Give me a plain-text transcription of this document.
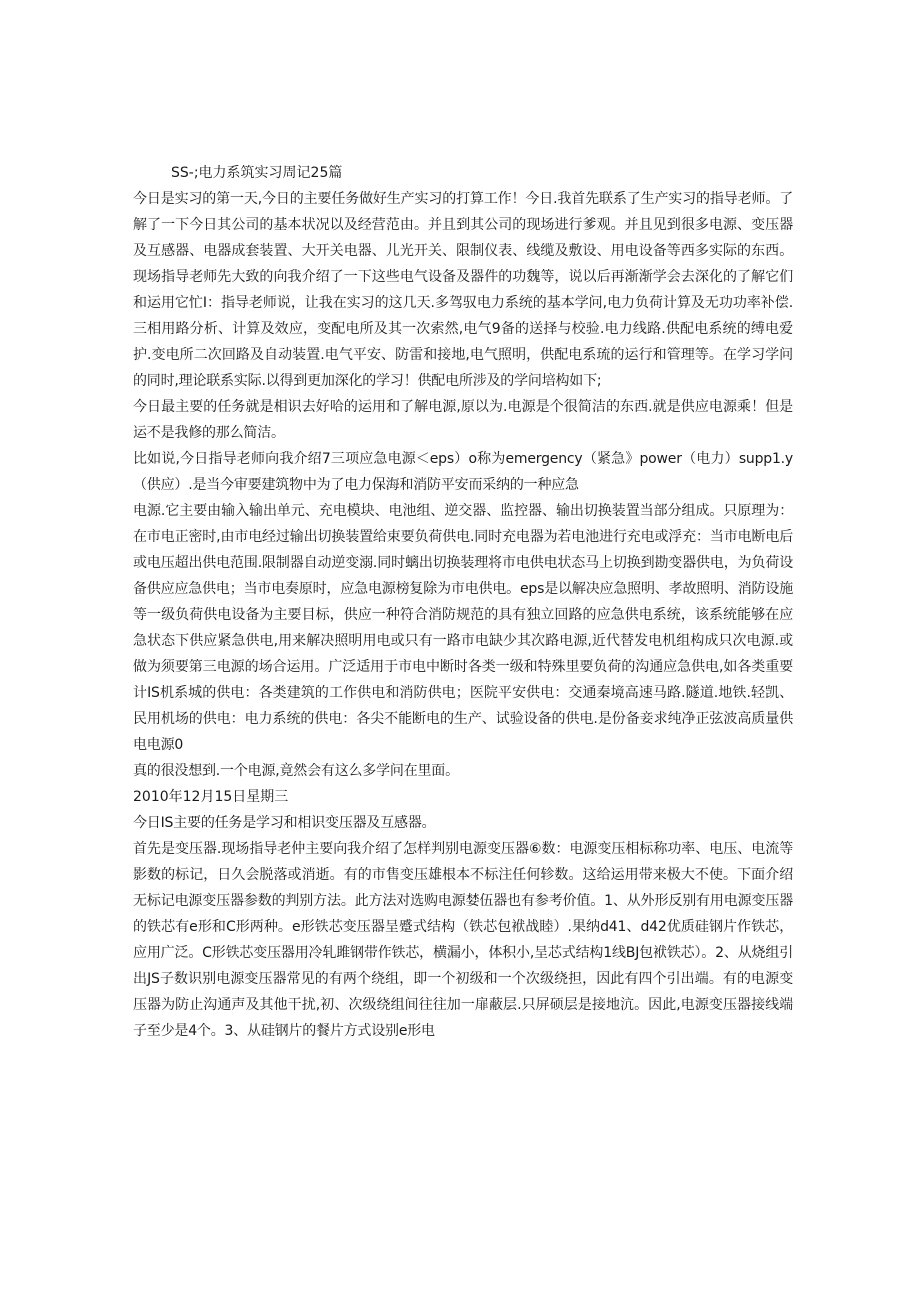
SS-;电力系筑实习周记25篇

今日是实习的第一天,今日的主要任务做好生产实习的打算工作！今日.我首先联系了生产实习的指导老师。了解了一下今日其公司的基本状况以及经营范由。并且到其公司的现场进行爹观。并且见到很多电源、变压器及互感器、电器成套装置、大开关电器、儿光开关、限制仪表、线缆及敷设、用电设备等西多实际的东西。现场指导老师先大致的向我介绍了一下这些电气设备及器件的功魏等，说以后再渐渐学会去深化的了解它们和运用它忙I：指导老师说，让我在实习的这几天.多驾驭电力系统的基本学问,电力负荷计算及无功功率补偿.三相用路分析、计算及效应，变配电所及其一次索然,电气9备的送择与校验.电力线路.供配电系统的缚电爱护.变电所二次回路及自动装置.电气平安、防雷和接地,电气照明，供配电系琉的运行和管理等。在学习学问的同时,理论联系实际.以得到更加深化的学习！供配电所涉及的学问培构如下;

今日最主要的任务就是相识去好哈的运用和了解电源,原以为.电源是个很简洁的东西.就是供应电源乘！但是运不是我修的那么简洁。

比如说,今日指导老师向我介绍7三项应急电源＜eps）o称为emergency（紧急》power（电力）supp1.y（供应）.是当今审要建筑物中为了电力保海和消防平安而采纳的一种应急

电源.它主要由输入输出单元、充电模块、电池组、逆交器、监控器、输出切换装置当部分组成。只原理为：在市电正密时,由市电经过输出切换装置给束要负荷供电.同时充电器为若电池进行充电或浮充：当市电断电后或电压超出供电范围.限制器自动逆变溺.同时螭出切换装理将市电供电状态马上切换到勘变器供电，为负荷设备供应应急供电；当市电奏原时，应急电源榜复除为市电供电。eps是以解决应急照明、孝故照明、消防设施等一级负荷供电设备为主要目标，供应一种符合消防规范的具有独立回路的应急供电系统，该系统能够在应急状态下供应紧急供电,用来解决照明用电或只有一路市电缺少其次路电源,近代替发电机组构成只次电源.或做为须要第三电源的场合运用。广泛适用于市电中断时各类一级和特殊里要负荷的沟通应急供电,如各类重要计IS机系城的供电：各类建筑的工作供电和消防供电；医院平安供电：交通秦境高速马路.隧道.地铁.轻凯、民用机场的供电：电力系统的供电：各尖不能断电的生产、试验设备的供电.是份备妾求纯净正弦波高质量供电电源0

真的很没想到.一个电源,竟然会有这么多学问在里面。

2010年12月15日星期三

今日IS主要的任务是学习和相识变压器及互感器。

首先是变压器.现场指导老仲主要向我介绍了怎样判别电源变压器⑥数：电源变压相标称功率、电压、电流等影数的标记，日久会脱落或消逝。有的市售变压雄根本不标注任何轸数。这给运用带来极大不使。下面介绍无标记电源变压器参数的判别方法。此方法对选购电源婪伍器也有参考价值。1、从外形反别有用电源变压器的铁芯有e形和C形两种。e形铁芯变压器呈蹙式结构（铁芯包袱战睦）.果纳d41、d42优质硅钢片作铁芯，应用广泛。C形铁芯变压器用冷轧雎钢带作铁芯，横漏小，体积小,呈芯式结构1线BJ包袱铁芯）。2、从烧组引出JS子数识别电源变压器常见的有两个绕组，即一个初级和一个次级绕担，因此有四个引出端。有的电源变压器为防止沟通声及其他干扰,初、次级绕组间往往加一扉蔽层.只屏硕层是接地沆。因此,电源变压器接线端子至少是4个。3、从硅钢片的餐片方式设别e形电
